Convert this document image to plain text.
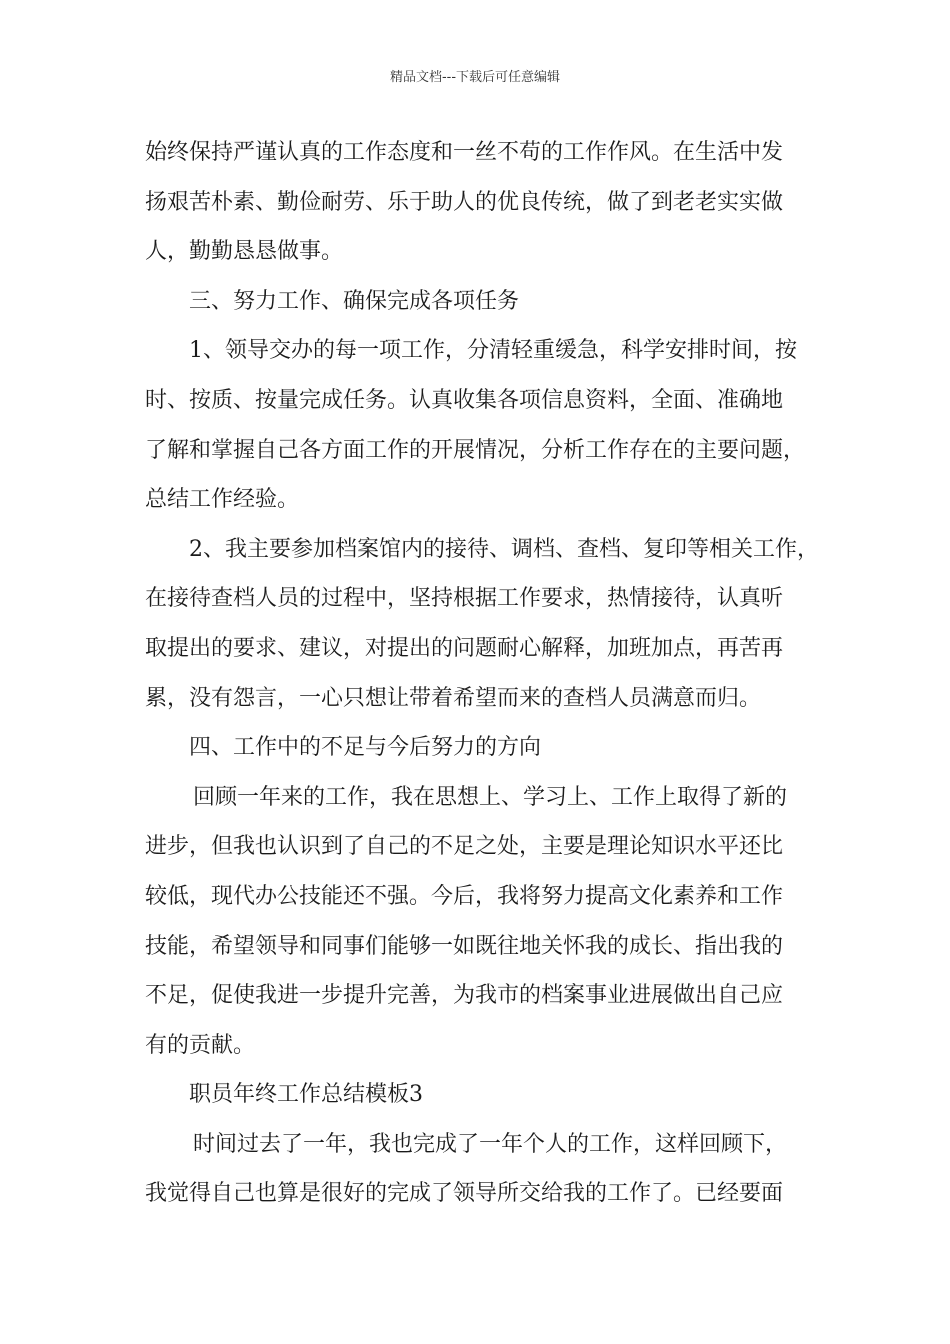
精品文档---下载后可任意编辑
始终保持严谨认真的工作态度和一丝不苟的工作作风。在生活中发
扬艰苦朴素、勤俭耐劳、乐于助人的优良传统，做了到老老实实做
人，勤勤恳恳做事。
三、努力工作、确保完成各项任务
1、领导交办的每一项工作，分清轻重缓急，科学安排时间，按
时、按质、按量完成任务。认真收集各项信息资料，全面、准确地
了解和掌握自己各方面工作的开展情况，分析工作存在的主要问题，
总结工作经验。
2、我主要参加档案馆内的接待、调档、查档、复印等相关工作，
在接待查档人员的过程中，坚持根据工作要求，热情接待，认真听
取提出的要求、建议，对提出的问题耐心解释，加班加点，再苦再
累，没有怨言，一心只想让带着希望而来的查档人员满意而归。
四、工作中的不足与今后努力的方向
回顾一年来的工作，我在思想上、学习上、工作上取得了新的
进步，但我也认识到了自己的不足之处，主要是理论知识水平还比
较低，现代办公技能还不强。今后，我将努力提高文化素养和工作
技能，希望领导和同事们能够一如既往地关怀我的成长、指出我的
不足，促使我进一步提升完善，为我市的档案事业进展做出自己应
有的贡献。
职员年终工作总结模板3
时间过去了一年，我也完成了一年个人的工作，这样回顾下，
我觉得自己也算是很好的完成了领导所交给我的工作了。已经要面
